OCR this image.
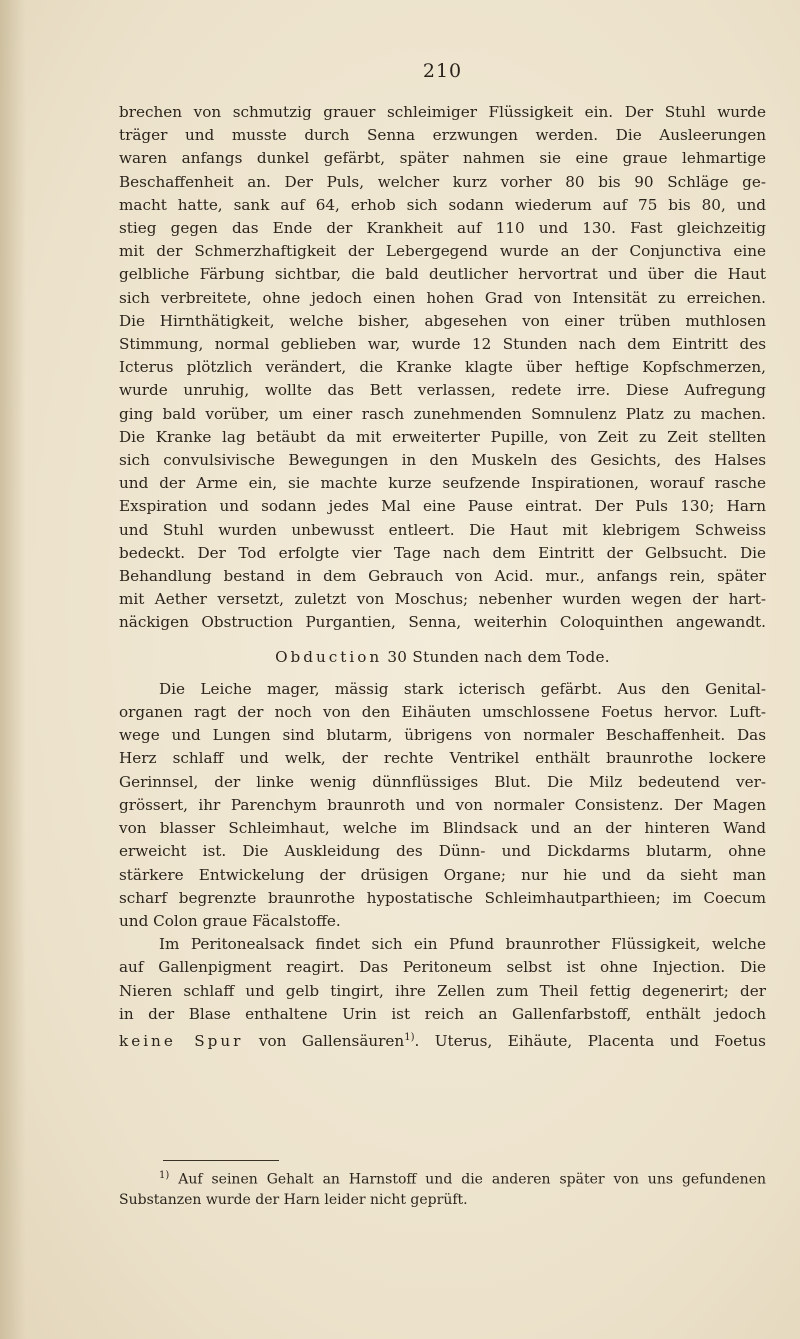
210

brechen von schmutzig grauer schleimiger Flüssigkeit ein. Der Stuhl wurde
träger und musste durch Senna erzwungen werden. Die Ausleerungen
waren anfangs dunkel gefärbt, später nahmen sie eine graue lehmartige
Beschaffenheit an. Der Puls, welcher kurz vorher 80 bis 90 Schläge ge-
macht hatte, sank auf 64, erhob sich sodann wiederum auf 75 bis 80, und
stieg gegen das Ende der Krankheit auf 110 und 130. Fast gleichzeitig
mit der Schmerzhaftigkeit der Lebergegend wurde an der Conjunctiva eine
gelbliche Färbung sichtbar, die bald deutlicher hervortrat und über die Haut
sich verbreitete, ohne jedoch einen hohen Grad von Intensität zu erreichen.
Die Hirnthätigkeit, welche bisher, abgesehen von einer trüben muthlosen
Stimmung, normal geblieben war, wurde 12 Stunden nach dem Eintritt des
Icterus plötzlich verändert, die Kranke klagte über heftige Kopfschmerzen,
wurde unruhig, wollte das Bett verlassen, redete irre. Diese Aufregung
ging bald vorüber, um einer rasch zunehmenden Somnulenz Platz zu machen.
Die Kranke lag betäubt da mit erweiterter Pupille, von Zeit zu Zeit stellten
sich convulsivische Bewegungen in den Muskeln des Gesichts, des Halses
und der Arme ein, sie machte kurze seufzende Inspirationen, worauf rasche
Exspiration und sodann jedes Mal eine Pause eintrat. Der Puls 130; Harn
und Stuhl wurden unbewusst entleert. Die Haut mit klebrigem Schweiss
bedeckt. Der Tod erfolgte vier Tage nach dem Eintritt der Gelbsucht. Die
Behandlung bestand in dem Gebrauch von Acid. mur., anfangs rein, später
mit Aether versetzt, zuletzt von Moschus; nebenher wurden wegen der hart-
näckigen Obstruction Purgantien, Senna, weiterhin Coloquinthen angewandt.

Obduction 30 Stunden nach dem Tode.

Die Leiche mager, mässig stark icterisch gefärbt. Aus den Genital-
organen ragt der noch von den Eihäuten umschlossene Foetus hervor. Luft-
wege und Lungen sind blutarm, übrigens von normaler Beschaffenheit. Das
Herz schlaff und welk, der rechte Ventrikel enthält braunrothe lockere
Gerinnsel, der linke wenig dünnflüssiges Blut. Die Milz bedeutend ver-
grössert, ihr Parenchym braunroth und von normaler Consistenz. Der Magen
von blasser Schleimhaut, welche im Blindsack und an der hinteren Wand
erweicht ist. Die Auskleidung des Dünn- und Dickdarms blutarm, ohne
stärkere Entwickelung der drüsigen Organe; nur hie und da sieht man
scharf begrenzte braunrothe hypostatische Schleimhautparthieen; im Coecum
und Colon graue Fäcalstoffe.

Im Peritonealsack findet sich ein Pfund braunrother Flüssigkeit, welche
auf Gallenpigment reagirt. Das Peritoneum selbst ist ohne Injection. Die
Nieren schlaff und gelb tingirt, ihre Zellen zum Theil fettig degenerirt; der
in der Blase enthaltene Urin ist reich an Gallenfarbstoff, enthält jedoch

keine Spur von Gallensäuren$^{1)}$. Uterus, Eihäute, Placenta und Foetus
$^{1)}$ Auf seinen Gehalt an Harnstoff und die anderen später von uns gefundenen
Substanzen wurde der Harn leider nicht geprüft.
